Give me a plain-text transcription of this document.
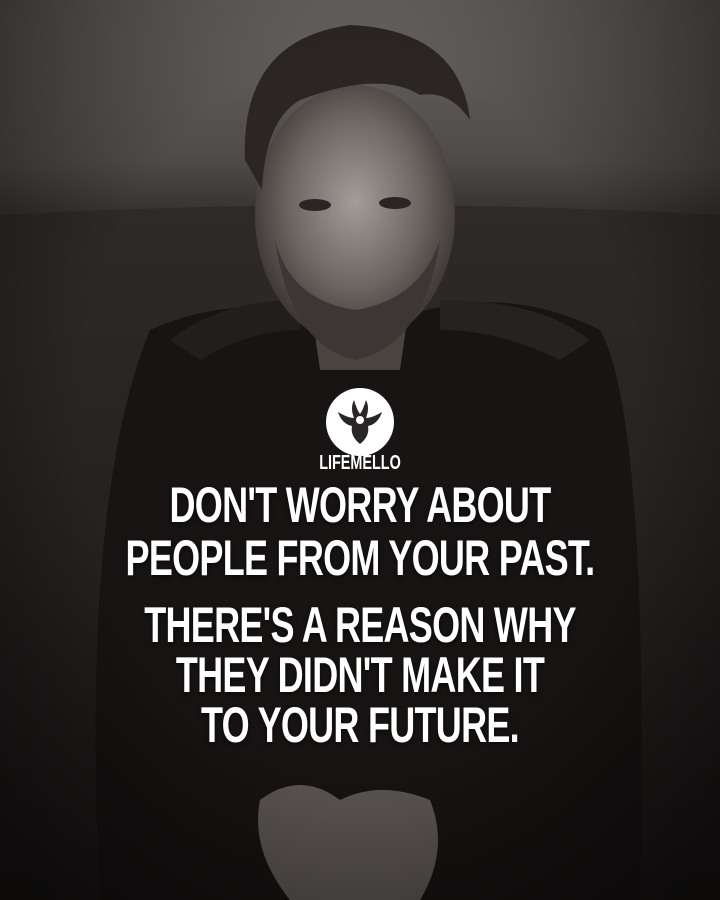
LIFEMELLO
DON'T WORRY ABOUT
PEOPLE FROM YOUR PAST.
THERE'S A REASON WHY
THEY DIDN'T MAKE IT
TO YOUR FUTURE.
